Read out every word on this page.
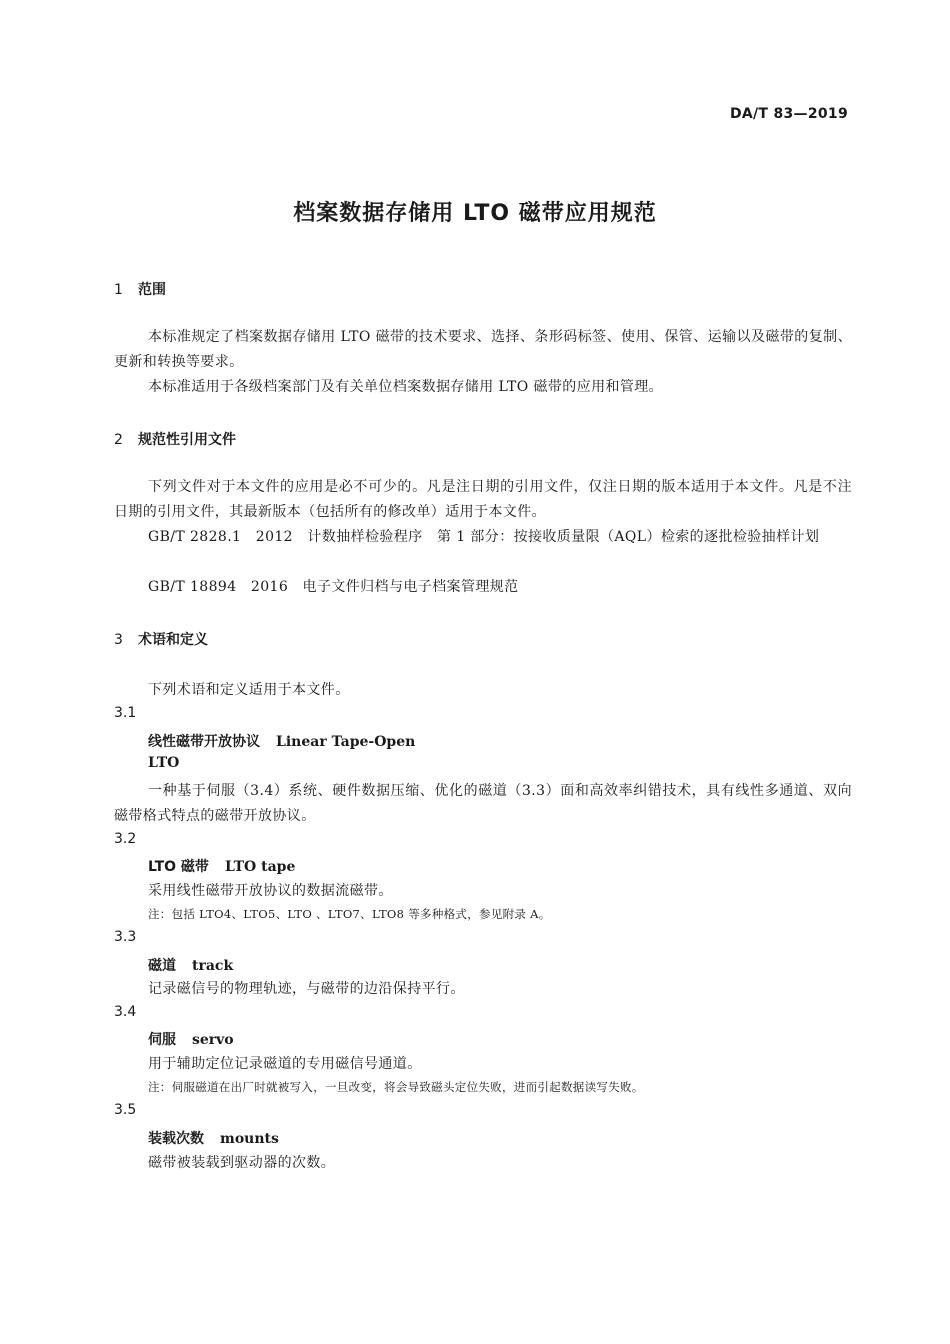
DA/T 83—2019
档案数据存储用 LTO 磁带应用规范
1 范围
本标准规定了档案数据存储用 LTO 磁带的技术要求、选择、条形码标签、使用、保管、运输以及磁带的复制、更新和转换等要求。
本标准适用于各级档案部门及有关单位档案数据存储用 LTO 磁带的应用和管理。
2 规范性引用文件
下列文件对于本文件的应用是必不可少的。凡是注日期的引用文件，仅注日期的版本适用于本文件。凡是不注日期的引用文件，其最新版本（包括所有的修改单）适用于本文件。
GB/T 2828.1　2012　计数抽样检验程序　第 1 部分：按接收质量限（AQL）检索的逐批检验抽样计划
GB/T 18894　2016　电子文件归档与电子档案管理规范
3 术语和定义
下列术语和定义适用于本文件。
3.1
线性磁带开放协议 Linear Tape-Open
LTO
一种基于伺服（3.4）系统、硬件数据压缩、优化的磁道（3.3）面和高效率纠错技术，具有线性多通道、双向磁带格式特点的磁带开放协议。
3.2
LTO 磁带 LTO tape
采用线性磁带开放协议的数据流磁带。
注：包括 LTO4、LTO5、LTO 、LTO7、LTO8 等多种格式，参见附录 A。
3.3
磁道 track
记录磁信号的物理轨迹，与磁带的边沿保持平行。
3.4
伺服 servo
用于辅助定位记录磁道的专用磁信号通道。
注：伺服磁道在出厂时就被写入，一旦改变，将会导致磁头定位失败，进而引起数据读写失败。
3.5
装载次数 mounts
磁带被装载到驱动器的次数。
